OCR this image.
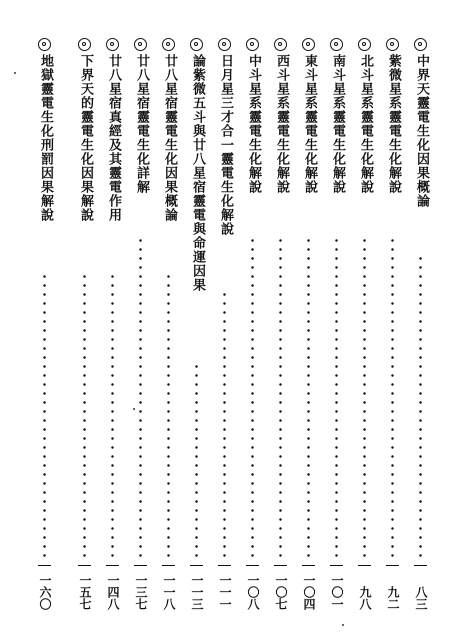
中界天靈電生化因果概論
八三
紫微星系靈電生化解說
九二
北斗星系靈電生化解說
九八
南斗星系靈電生化解說
一〇一
東斗星系靈電生化解說
一〇四
西斗星系靈電生化解說
一〇七
中斗星系靈電生化解說
一〇八
日月星三才合一靈電生化解說
一一一
論紫微五斗與廿八星宿靈電與命運因果
一一三
廿八星宿靈電生化因果概論
一一八
廿八星宿靈電生化詳解
一三七
廿八星宿真經及其靈電作用
一四八
下界天的靈電生化因果解說
一五七
地獄靈電生化刑罰因果解說
一六〇
